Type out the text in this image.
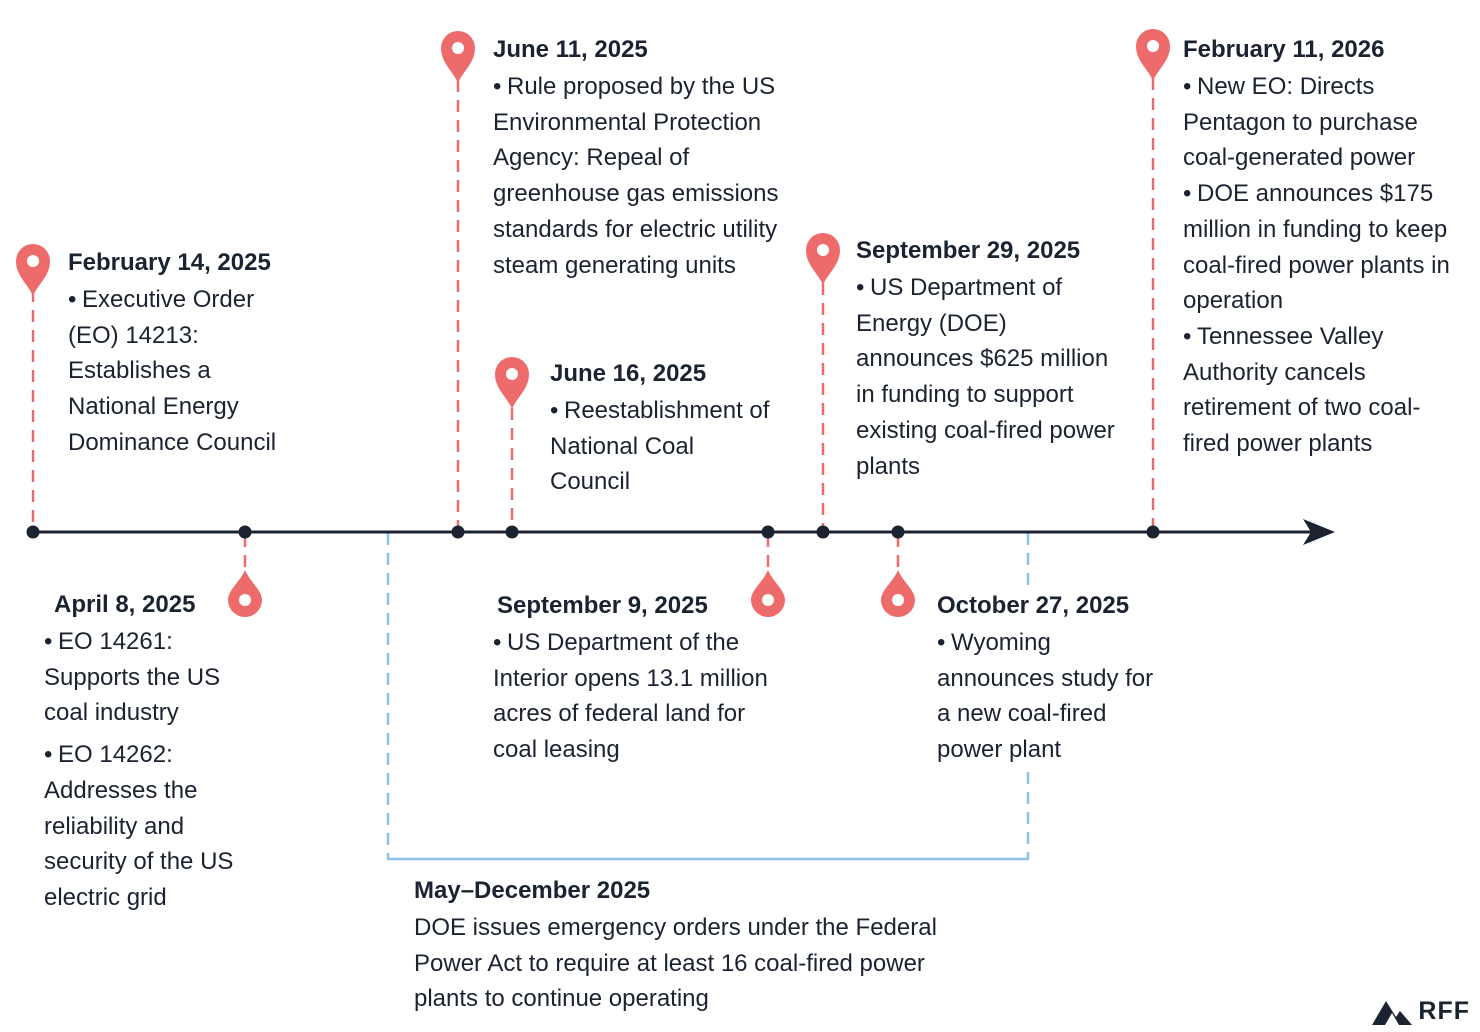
February 14, 2025

• Executive Order (EO) 14213: Establishes a National Energy Dominance Council

April 8, 2025

• EO 14261: Supports the US coal industry

• EO 14262: Addresses the reliability and security of the US electric grid

June 11, 2025

• Rule proposed by the US Environmental Protection Agency: Repeal of greenhouse gas emissions standards for electric utility steam generating units

June 16, 2025

• Reestablishment of National Coal Council

September 9, 2025

• US Department of the Interior opens 13.1 million acres of federal land for coal leasing

September 29, 2025

• US Department of Energy (DOE) announces $625 million in funding to support existing coal-fired power plants

October 27, 2025

• Wyoming announces study for a new coal-fired power plant

February 11, 2026

• New EO: Directs Pentagon to purchase coal-generated power

• DOE announces $175 million in funding to keep coal-fired power plants in operation

• Tennessee Valley Authority cancels retirement of two coal-fired power plants

May–December 2025

DOE issues emergency orders under the Federal Power Act to require at least 16 coal-fired power plants to continue operating	RFF
